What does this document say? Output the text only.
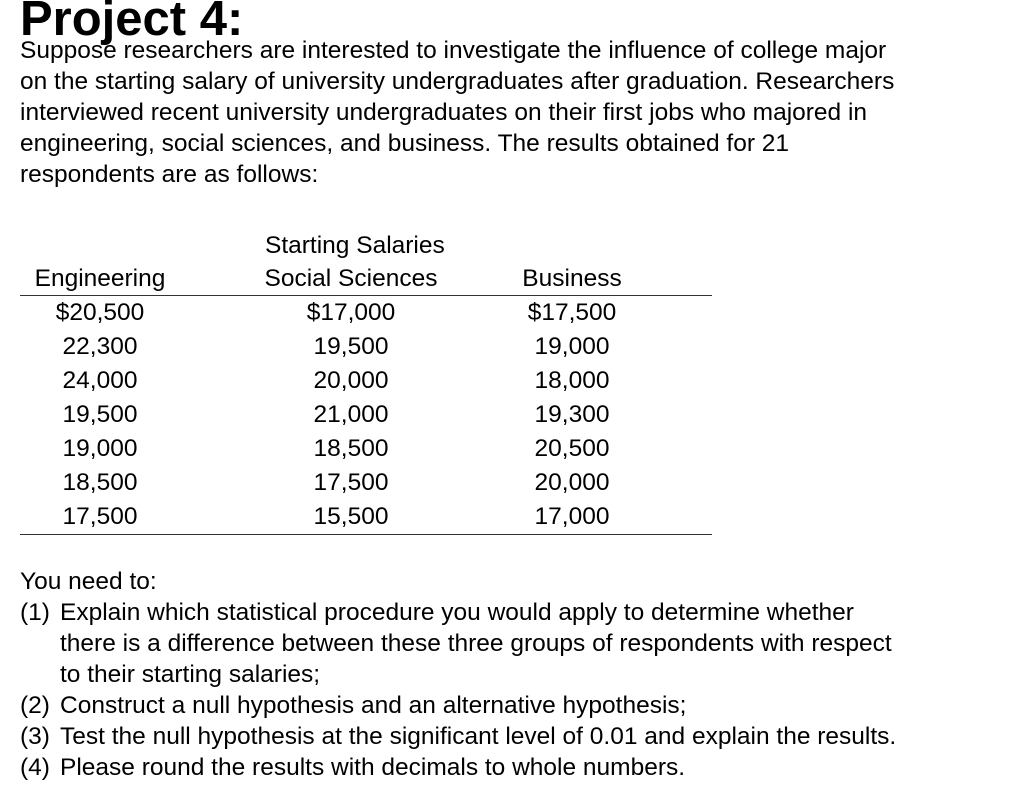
Project 4:

Suppose researchers are interested to investigate the influence of college major
on the starting salary of university undergraduates after graduation. Researchers
interviewed recent university undergraduates on their first jobs who majored in
engineering, social sciences, and business. The results obtained for 21
respondents are as follows:

Starting Salaries
Engineering	Social Sciences	Business
$20,500	$17,000	$17,500
22,300	19,500	19,000
24,000	20,000	18,000
19,500	21,000	19,300
19,000	18,500	20,500
18,500	17,500	20,000
17,500	15,500	17,000

You need to:

(1) Explain which statistical procedure you would apply to determine whether
there is a difference between these three groups of respondents with respect
to their starting salaries;
(2) Construct a null hypothesis and an alternative hypothesis;
(3) Test the null hypothesis at the significant level of 0.01 and explain the results.
(4) Please round the results with decimals to whole numbers.
